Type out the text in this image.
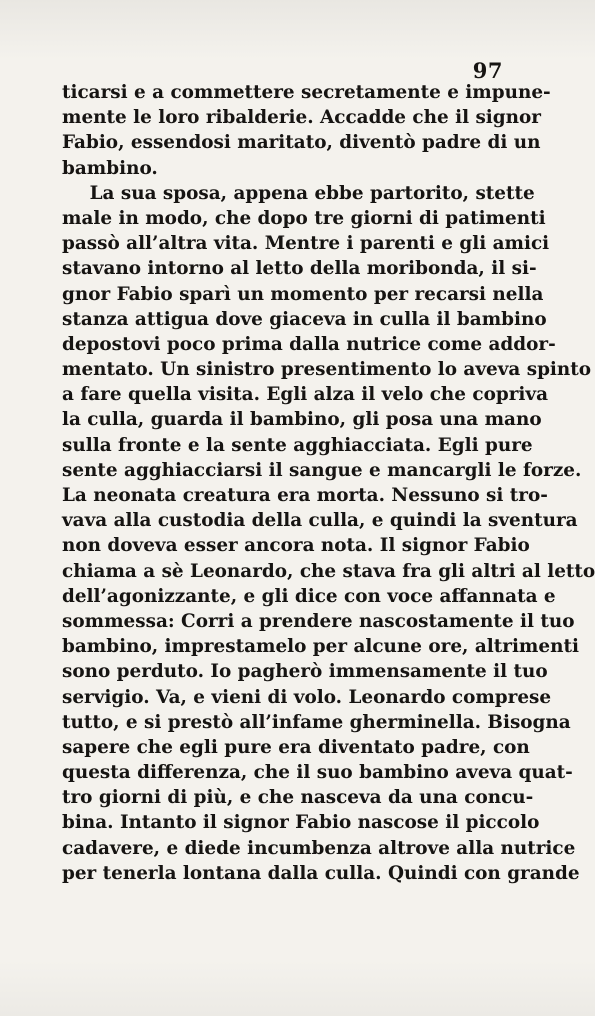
97
ticarsi e a commettere secretamente e impune-
mente le loro ribalderie. Accadde che il signor
Fabio, essendosi maritato, diventò padre di un
bambino.
La sua sposa, appena ebbe partorito, stette
male in modo, che dopo tre giorni di patimenti
passò all’altra vita. Mentre i parenti e gli amici
stavano intorno al letto della moribonda, il si-
gnor Fabio sparì un momento per recarsi nella
stanza attigua dove giaceva in culla il bambino
depostovi poco prima dalla nutrice come addor-
mentato. Un sinistro presentimento lo aveva spinto
a fare quella visita. Egli alza il velo che copriva
la culla, guarda il bambino, gli posa una mano
sulla fronte e la sente agghiacciata. Egli pure
sente agghiacciarsi il sangue e mancargli le forze.
La neonata creatura era morta. Nessuno si tro-
vava alla custodia della culla, e quindi la sventura
non doveva esser ancora nota. Il signor Fabio
chiama a sè Leonardo, che stava fra gli altri al letto
dell’agonizzante, e gli dice con voce affannata e
sommessa: Corri a prendere nascostamente il tuo
bambino, imprestamelo per alcune ore, altrimenti
sono perduto. Io pagherò immensamente il tuo
servigio. Va, e vieni di volo. Leonardo comprese
tutto, e si prestò all’infame gherminella. Bisogna
sapere che egli pure era diventato padre, con
questa differenza, che il suo bambino aveva quat-
tro giorni di più, e che nasceva da una concu-
bina. Intanto il signor Fabio nascose il piccolo
cadavere, e diede incumbenza altrove alla nutrice
per tenerla lontana dalla culla. Quindi con grande
